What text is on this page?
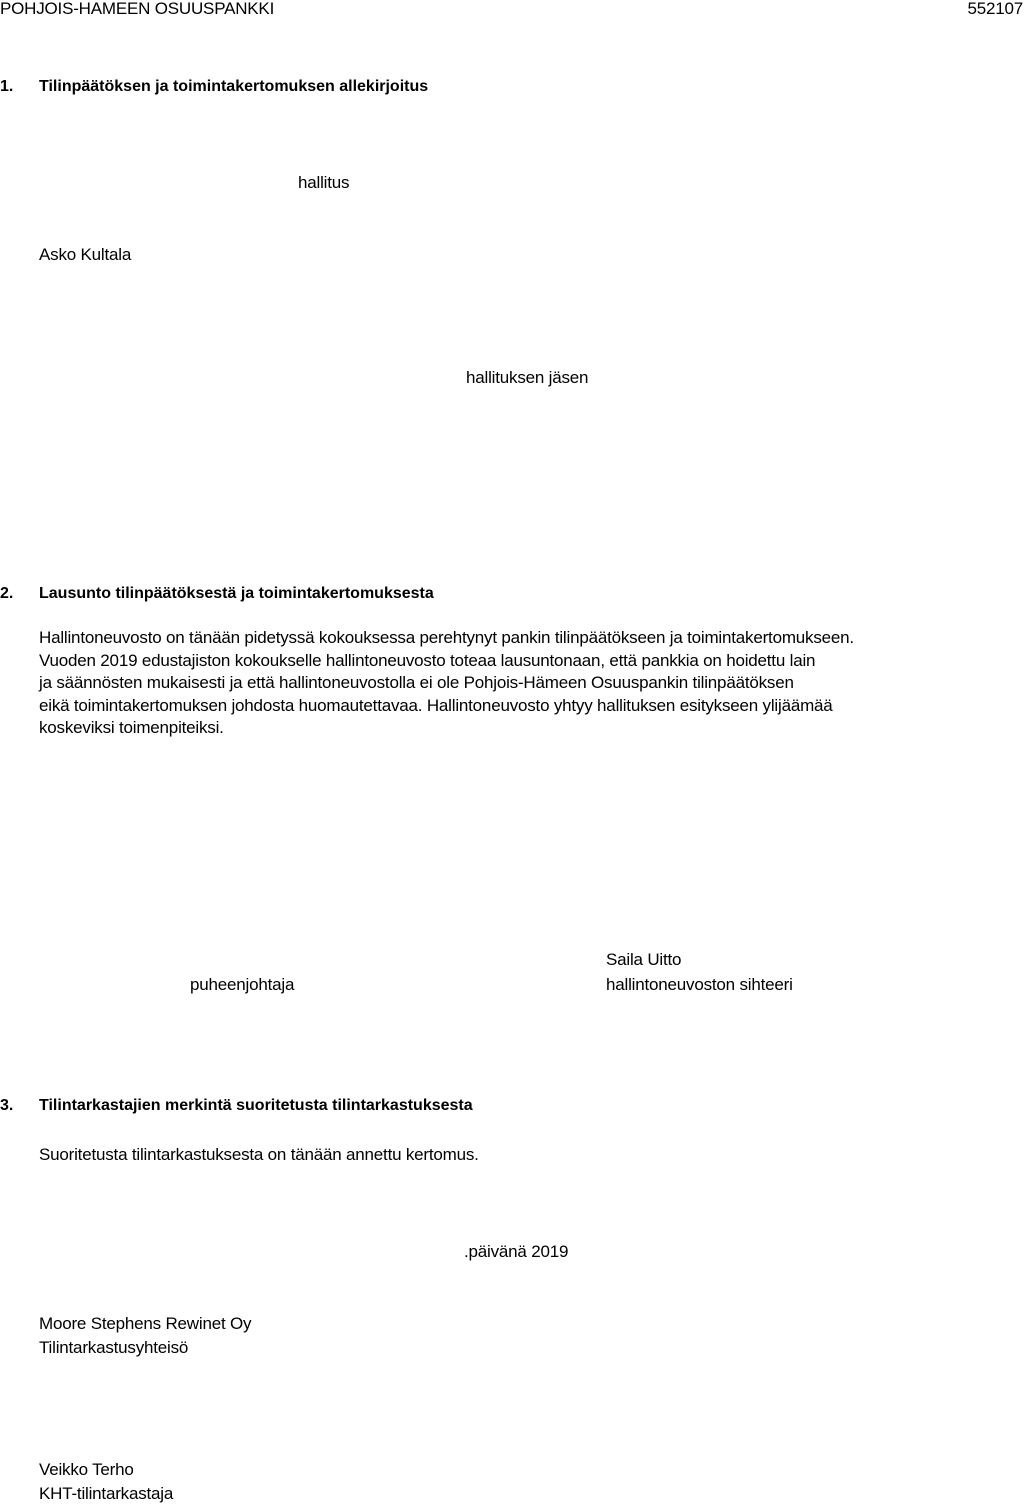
POHJOIS-HAMEEN OSUUSPANKKI	552107
1. Tilinpäätöksen ja toimintakertomuksen allekirjoitus
hallitus
Asko Kultala
hallituksen jäsen
2. Lausunto tilinpäätöksestä ja toimintakertomuksesta
Hallintoneuvosto on tänään pidetyssä kokouksessa perehtynyt pankin tilinpäätökseen ja toimintakertomukseen.
Vuoden 2019 edustajiston kokoukselle hallintoneuvosto toteaa lausuntonaan, että pankkia on hoidettu lain
ja säännösten mukaisesti ja että hallintoneuvostolla ei ole Pohjois-Hämeen Osuuspankin tilinpäätöksen
eikä toimintakertomuksen johdosta huomautettavaa. Hallintoneuvosto yhtyy hallituksen esitykseen ylijäämää
koskeviksi toimenpiteiksi.
Saila Uitto
puheenjohtaja	hallintoneuvoston sihteeri
3. Tilintarkastajien merkintä suoritetusta tilintarkastuksesta
Suoritetusta tilintarkastuksesta on tänään annettu kertomus.
.päivänä 2019
Moore Stephens Rewinet Oy
Tilintarkastusyhteisö
Veikko Terho
KHT-tilintarkastaja
